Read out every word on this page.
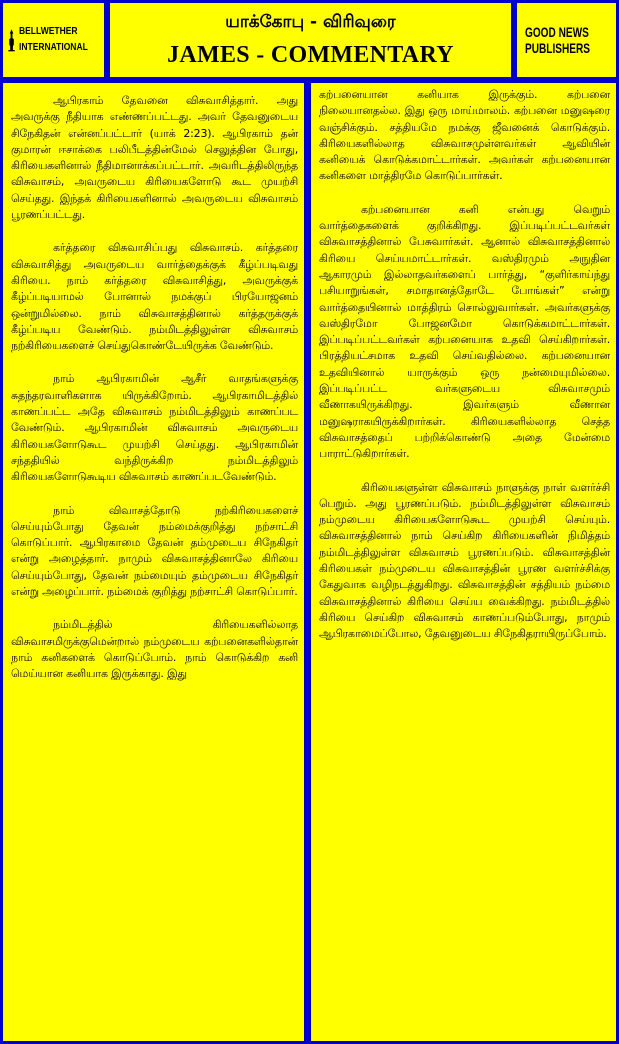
BELLWETHER
INTERNATIONAL
யாக்கோபு - விரிவுரை
JAMES - COMMENTARY
GOOD NEWS
PUBLISHERS

ஆபிரகாம் தேவனை விசுவாசித்தார். அது அவருக்கு நீதியாக எண்ணப்பட்டது. அவர் தேவனுடைய சிநேகிதன் என்னப்பட்டார் (யாக் 2:23). ஆபிரகாம் தன் குமாரன் ஈசாக்கை பலிபீடத்தின்மேல் செலுத்தின போது, கிரியைகளினால் நீதிமானாக்கப்பட்டார். அவரிடத்திலிருந்த விசுவாசம், அவருடைய கிரியைகளோடு கூட முயற்சி செய்தது. இந்தக் கிரியைகளினால் அவருடைய விசுவாசம் பூரணப்பட்டது.

கர்த்தரை விசுவாசிப்பது விசுவாசம். கர்த்தரை விசுவாசித்து அவருடைய வார்த்தைக்குக் கீழ்ப்படிவது கிரியை. நாம் கர்த்தரை விசுவாசித்து, அவருக்குக் கீழ்ப்படியாமல் போனால் நமக்குப் பிரயோஜனம் ஒன்றுமில்லை. நாம் விசுவாசத்தினால் கர்த்தருக்குக் கீழ்ப்படிய வேண்டும். நம்மிடத்திலுள்ள விசுவாசம் நற்கிரியைகளைச் செய்துகொண்டேயிருக்க வேண்டும்.

நாம் ஆபிரகாமின் ஆசீர் வாதங்களுக்கு சுதந்தரவாளிகளாக யிருக்கிறோம். ஆபிரகாமிடத்தில் காணப்பட்ட அதே விசுவாசம் நம்மிடத்திலும் காணப்பட வேண்டும். ஆபிரகாமின் விசுவாசம் அவருடைய கிரியைகளோடுகூட முயற்சி செய்தது. ஆபிரகாமின் சந்ததியில் வந்திருக்கிற நம்மிடத்திலும் கிரியைகளோடுகூடிய விசுவாசம் காணப்படவேண்டும்.

நாம் விவாசத்தோடு நற்கிரியைகளைச் செய்யும்போது தேவன் நம்மைக்குறித்து நற்சாட்சி கொடுப்பார். ஆபிரகாமை தேவன் தம்முடைய சிநேகிதர் என்று அழைத்தார். நாமும் விசுவாசத்தினாலே கிரியை செய்யும்போது, தேவன் நம்மையும் தம்முடைய சிநேகிதர் என்று அழைப்பார். நம்மைக் குறித்து நற்சாட்சி கொடுப்பார்.

நம்மிடத்தில் கிரியைகளில்லாத விசுவாசமிருக்குமென்றால் நம்முடைய கற்பனைகளில்தான் நாம் கனிகளைக் கொடுப்போம். நாம் கொடுக்கிற கனி மெய்யான கனியாக இருக்காது. இது

கற்பனையான கனியாக இருக்கும். கற்பனை நிலையானதல்ல. இது ஒரு மாய்மாலம். கற்பனை மனுஷரை வஞ்சிக்கும். சத்தியமே நமக்கு ஜீவனைக் கொடுக்கும். கிரியைகளில்லாத விசுவாசமுள்ளவர்கள் ஆவியின் கனியைக் கொடுக்கமாட்டார்கள். அவர்கள் கற்பனையான கனிகளை மாத்திரமே கொடுப்பார்கள்.

கற்பனையான கனி என்பது வெறும் வார்த்தைகளைக் குறிக்கிறது. இப்படிப்பட்டவர்கள் விசுவாசத்தினால் பேசுவார்கள். ஆனால் விசுவாசத்தினால் கிரியை செய்யமாட்டார்கள். வஸ்திரமும் அநுதின ஆகாரமும் இல்லாதவர்களைப் பார்த்து, “குளிர்காய்ந்து பசியாறுங்கள், சமாதானத்தோடே போங்கள்” என்று வார்த்தையினால் மாத்திரம் சொல்லுவார்கள். அவர்களுக்கு வஸ்திரமோ போஜனமோ கொடுக்கமாட்டார்கள். இப்படிப்பட்டவர்கள் கற்பனையாக உதவி செய்கிறார்கள். பிரத்தியட்சமாக உதவி செய்வதில்லை. கற்பனையான உதவியினால் யாருக்கும் ஒரு நன்மையுமில்லை. இப்படிப்பட்ட வர்களுடைய விசுவாசமும் வீணாகயிருக்கிறது. இவர்களும் வீணான மனுஷராகயிருக்கிறார்கள். கிரியைகளில்லாத செத்த விசுவாசத்தைப் பற்றிக்கொண்டு அதை மேன்மை பாராட்டுகிறார்கள்.

கிரியைகளுள்ள விசுவாசம் நாளுக்கு நாள் வளர்ச்சி பெறும். அது பூரணப்படும். நம்மிடத்திலுள்ள விசுவாசம் நம்முடைய கிரியைகளோடுகூட முயற்சி செய்யும். விசுவாசத்தினால் நாம் செய்கிற கிரியைகளின் நிமித்தம் நம்மிடத்திலுள்ள விசுவாசம் பூரணப்படும். விசுவாசத்தின் கிரியைகள் நம்முடைய விசுவாசத்தின் பூரண வளர்ச்சிக்கு கேதுவாக வழிநடத்துகிறது. விசுவாசத்தின் சத்தியம் நம்மை விசுவாசத்தினால் கிரியை செய்ய வைக்கிறது. நம்மிடத்தில் கிரியை செய்கிற விசுவாசம் காணப்படும்போது, நாமும் ஆபிரகாமைப்போல, தேவனுடைய சிநேகிதராயிருப்போம்.
